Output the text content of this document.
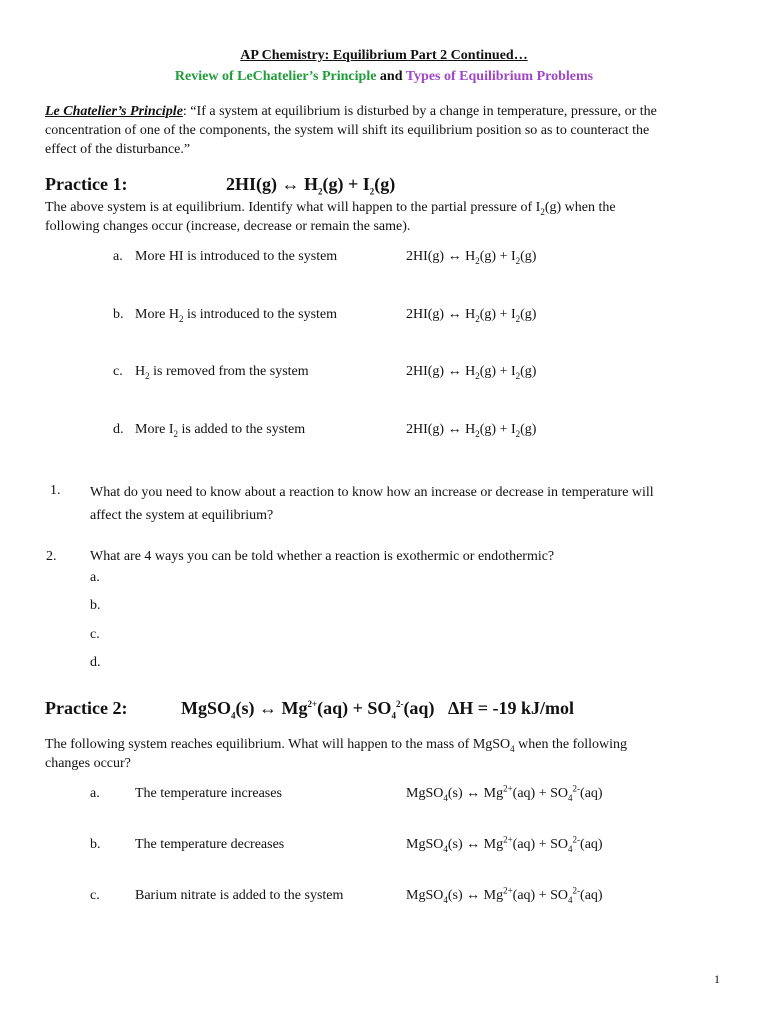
AP Chemistry: Equilibrium Part 2 Continued…
Review of LeChatelier’s Principle and Types of Equilibrium Problems
Le Chatelier’s Principle: “If a system at equilibrium is disturbed by a change in temperature, pressure, or the
concentration of one of the components, the system will shift its equilibrium position so as to counteract the
effect of the disturbance.”
Practice 1:	2HI(g) ↔ $H_2(g) + I_2(g)$
The above system is at equilibrium. Identify what will happen to the partial pressure of $I_2(g)$ when the
following changes occur (increase, decrease or remain the same).
a. More HI is introduced to the system	2HI(g) ↔ $H_2(g) + I_2(g)$
b. More $H_2$ is introduced to the system	2HI(g) ↔ $H_2(g) + I_2(g)$
c. $H_2$ is removed from the system	2HI(g) ↔ $H_2(g) + I_2(g)$
d. More $I_2$ is added to the system	2HI(g) ↔ $H_2(g) + I_2(g)$
1. What do you need to know about a reaction to know how an increase or decrease in temperature will
affect the system at equilibrium?
2. What are 4 ways you can be told whether a reaction is exothermic or endothermic?
a.
b.
c.
d.
Practice 2:	MgSO$_4$(s) ↔ $Mg^{2+}(aq) + SO_4^{2-}(aq) \Delta H = -19$ kJ/mol
The following system reaches equilibrium. What will happen to the mass of MgSO$_4$ when the following
changes occur?
a.	The temperature increases	MgSO$_4$(s) ↔ $Mg^{2+}(aq) + SO_4^{2-}(aq)$
b. The temperature decreases	MgSO$_4$(s) ↔ $Mg^{2+}(aq) + SO_4^{2-}(aq)$
c.	Barium nitrate is added to the system	MgSO$_4$(s) ↔ $Mg^{2+}(aq) + SO_4^{2-}(aq)$
1
